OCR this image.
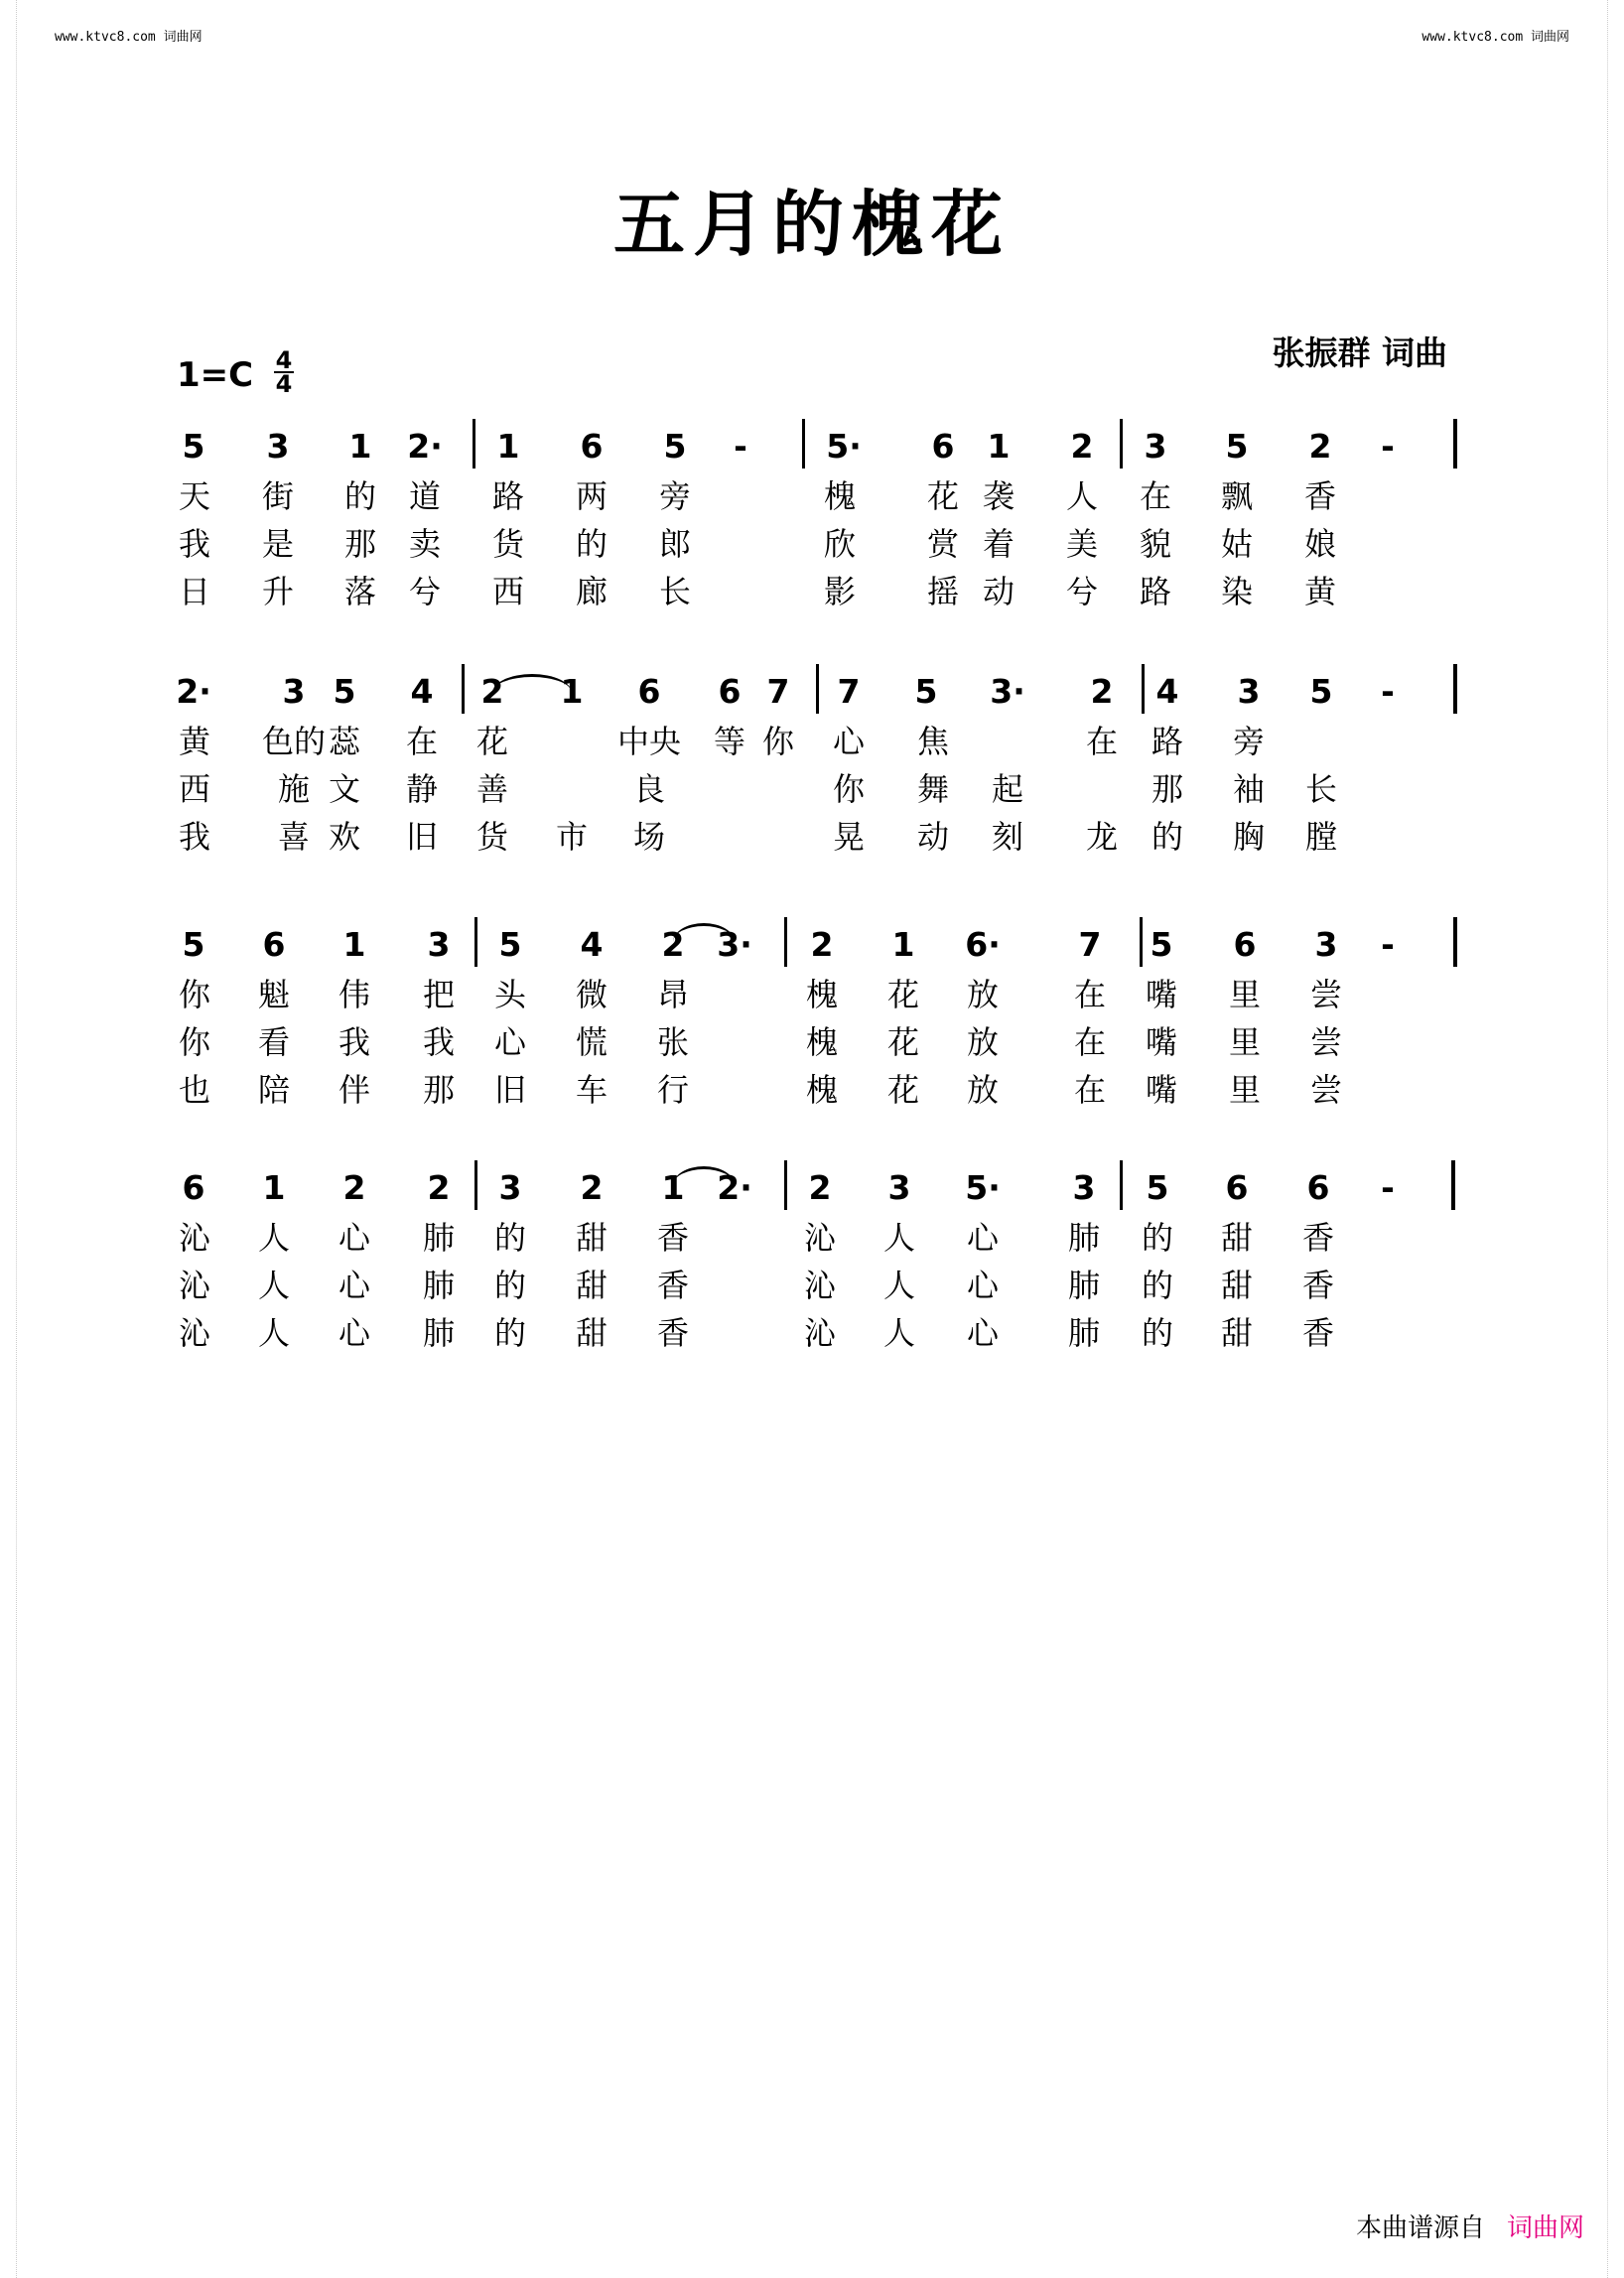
www.ktvc8.com 词曲网	www.ktvc8.com 词曲网
五月的槐花
张振群 词曲
1=C 4
4
5 3 1 2· 1 6 5 - 5· 6 1 2 3 5 2 -
天 街 的 道 路 两 旁	槐 花 袭 人 在 飘 香
我 是 那 卖 货 的 郎	欣 赏 着 美 貌 姑 娘
日 升 落 兮 西 廊 长	影 摇 动 兮 路 染 黄
2· 3 5 4 2 1 6 6 7 7 5 3· 2 4 3 5 -
黄 色的 蕊 在 花	中央 等 你 心 焦	在 路 旁
西 施 文 静 善	良	你 舞 起	那 袖 长
我 喜 欢 旧 货 市 场	晃 动 刻 龙 的 胸 膛
5 6 1 3 5 4 2 3· 2 1 6· 7 5 6 3 -
你 魁 伟 把 头 微 昂	槐 花 放 在 嘴 里 尝
你 看 我 我 心 慌 张	槐 花 放 在 嘴 里 尝
也 陪 伴 那 旧 车 行	槐 花 放 在 嘴 里 尝
6 1 2 2 3 2 1 2· 2 3 5· 3 5 6 6 -
沁 人 心 肺 的 甜 香	沁 人 心 肺 的 甜 香
沁 人 心 肺 的 甜 香	沁 人 心 肺 的 甜 香
沁 人 心 肺 的 甜 香	沁 人 心 肺 的 甜 香
本曲谱源自 词曲网
